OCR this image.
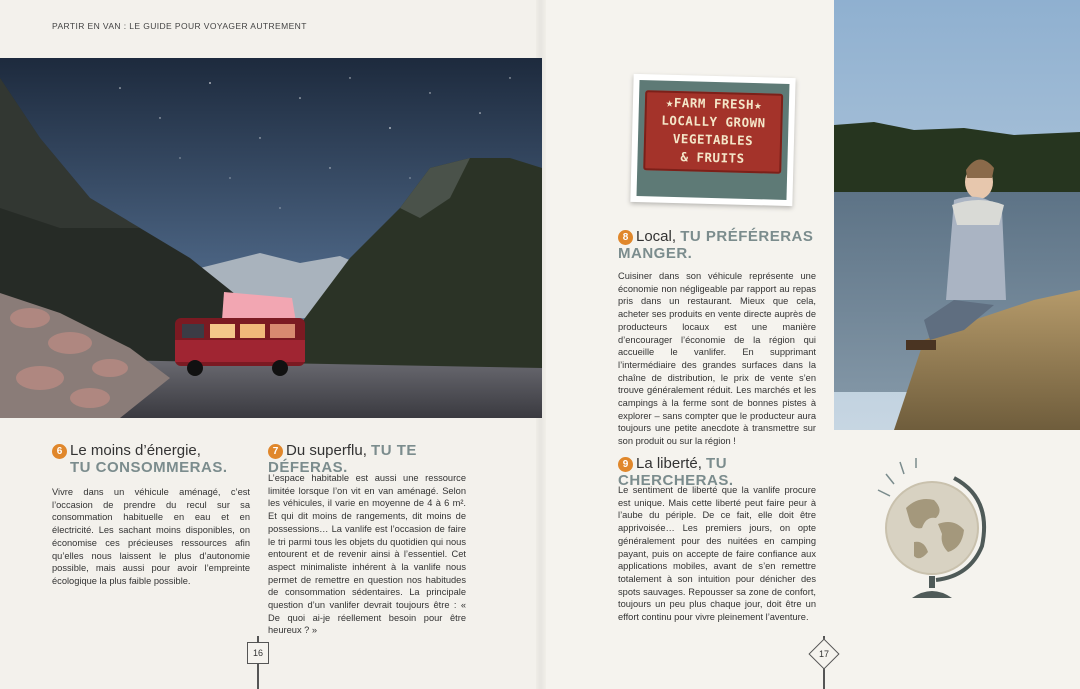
PARTIR EN VAN : LE GUIDE POUR VOYAGER AUTREMENT
★FARM FRESH★
LOCALLY GROWN
VEGETABLES
& FRUITS
6 Le moins d’énergie,
TU CONSOMMERAS.

Vivre dans un véhicule aménagé, c’est l’occasion de prendre du recul sur sa consommation habituelle en eau et en électricité. Les sachant moins disponibles, on économise ces précieuses ressources afin qu’elles nous laissent le plus d’autonomie possible, mais aussi pour avoir l’empreinte écologique la plus faible possible.

7 Du superflu, TU TE DÉFERAS.

L’espace habitable est aussi une ressource limitée lorsque l’on vit en van aménagé. Selon les véhicules, il varie en moyenne de 4 à 6 m². Et qui dit moins de rangements, dit moins de possessions… La vanlife est l’occasion de faire le tri parmi tous les objets du quotidien qui nous entourent et de revenir ainsi à l’essentiel. Cet aspect minimaliste inhérent à la vanlife nous permet de remettre en question nos habitudes de consommation sédentaires. La principale question d’un vanlifer devrait toujours être : « De quoi ai-je réellement besoin pour être heureux ? »

8 Local, TU PRÉFÉRERAS MANGER.

Cuisiner dans son véhicule représente une économie non négligeable par rapport au repas pris dans un restaurant. Mieux que cela, acheter ses produits en vente directe auprès de producteurs locaux est une manière d’encourager l’économie de la région qui accueille le vanlifer. En supprimant l’intermédiaire des grandes surfaces dans la chaîne de distribution, le prix de vente s’en trouve généralement réduit. Les marchés et les campings à la ferme sont de bonnes pistes à explorer – sans compter que le producteur aura toujours une petite anecdote à transmettre sur son produit ou sur la région !

9 La liberté, TU CHERCHERAS.

Le sentiment de liberté que la vanlife procure est unique. Mais cette liberté peut faire peur à l’aube du périple. De ce fait, elle doit être apprivoisée… Les premiers jours, on opte généralement pour des nuitées en camping payant, puis on accepte de faire confiance aux applications mobiles, avant de s’en remettre totalement à son intuition pour dénicher des spots sauvages. Repousser sa zone de confort, toujours un peu plus chaque jour, doit être un effort continu pour vivre pleinement l’aventure.

16	17
